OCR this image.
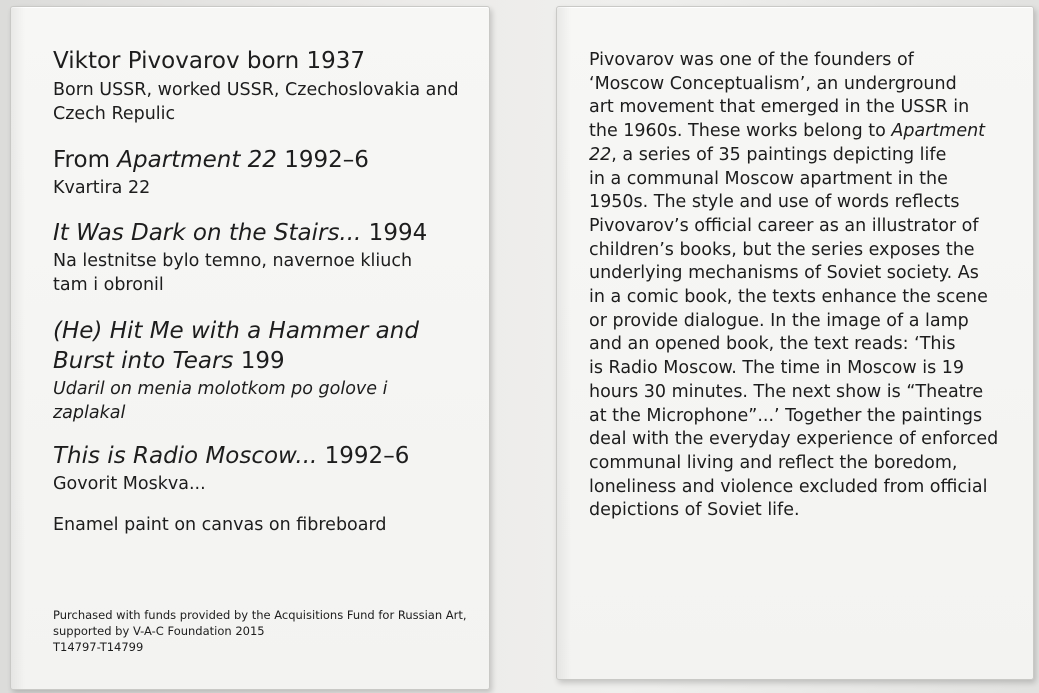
Viktor Pivovarov born 1937
Born USSR, worked USSR, Czechoslovakia and
Czech Repulic
From Apartment 22 1992–6
Kvartira 22
It Was Dark on the Stairs... 1994
Na lestnitse bylo temno, navernoe kliuch
tam i obronil
(He) Hit Me with a Hammer and
Burst into Tears 199
Udaril on menia molotkom po golove i
zaplakal
This is Radio Moscow... 1992–6
Govorit Moskva...
Enamel paint on canvas on fibreboard
Purchased with funds provided by the Acquisitions Fund for Russian Art,
supported by V-A-C Foundation 2015
T14797-T14799
Pivovarov was one of the founders of
‘Moscow Conceptualism’, an underground
art movement that emerged in the USSR in
the 1960s. These works belong to Apartment
22, a series of 35 paintings depicting life
in a communal Moscow apartment in the
1950s. The style and use of words reflects
Pivovarov’s official career as an illustrator of
children’s books, but the series exposes the
underlying mechanisms of Soviet society. As
in a comic book, the texts enhance the scene
or provide dialogue. In the image of a lamp
and an opened book, the text reads: ‘This
is Radio Moscow. The time in Moscow is 19
hours 30 minutes. The next show is “Theatre
at the Microphone”...’ Together the paintings
deal with the everyday experience of enforced
communal living and reflect the boredom,
loneliness and violence excluded from official
depictions of Soviet life.
